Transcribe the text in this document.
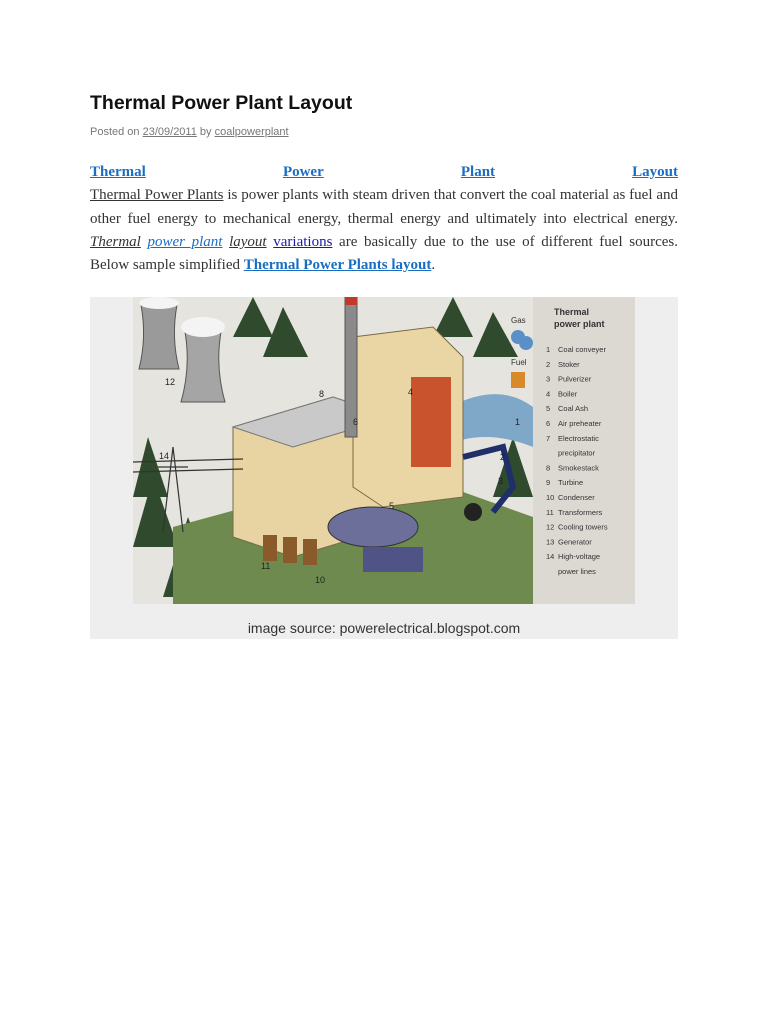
Thermal Power Plant Layout
Posted on 23/09/2011 by coalpowerplant
Thermal	Power	Plant	Layout
Thermal Power Plants is power plants with steam driven that convert the coal material as fuel and other fuel energy to mechanical energy, thermal energy and ultimately into electrical energy. Thermal power plant layout variations are basically due to the use of different fuel sources. Below sample simplified Thermal Power Plants layout.
Gas
Fuel
12
8
6
4
1
2
3
14
11
10
5
Thermal
power plant
1 Coal conveyer
2 Stoker
3 Pulverizer
4 Boiler
5 Coal Ash
6 Air preheater
7 Electrostatic
precipitator
8 Smokestack
9 Turbine
10 Condenser
11 Transformers
12 Cooling towers
13 Generator
14 High-voltage
power lines
image source: powerelectrical.blogspot.com
